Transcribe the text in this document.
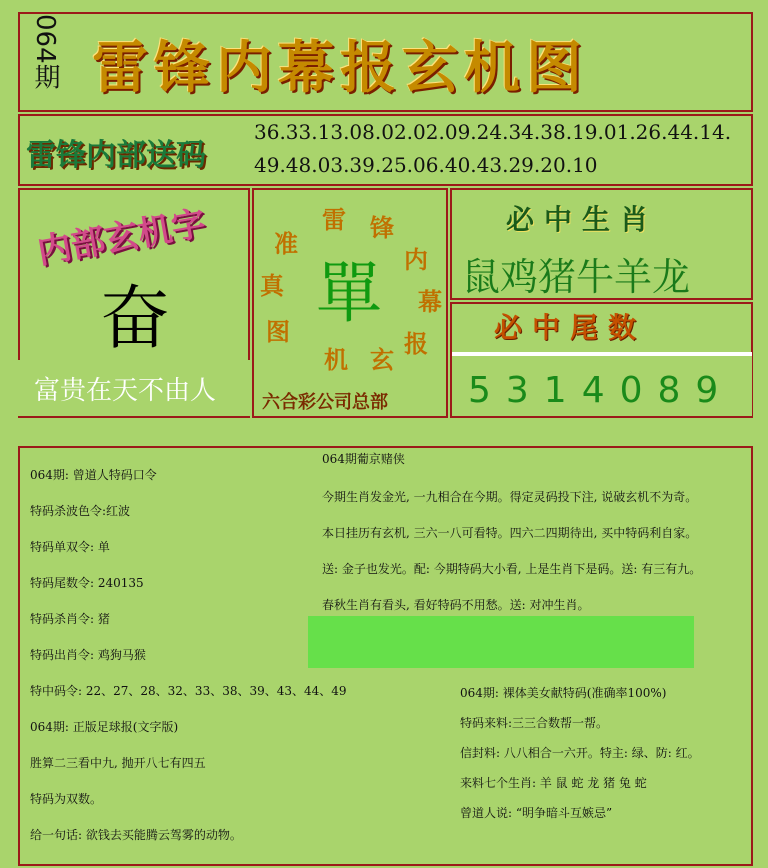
064期 雷锋内幕报玄机图
雷锋内部送码
36.33.13.08.02.02.09.24.34.38.19.01.26.44.14.
49.48.03.39.25.06.40.43.29.20.10
内部玄机字
奋
富贵在天不由人
雷 锋
内
幕
报
玄
机
图
真
准
單
六合彩公司总部
必中生肖
鼠鸡猪牛羊龙
必中尾数
5314089
064期: 曾道人特码口令
特码杀波色令:红波
特码单双令: 单
特码尾数令: 240135
特码杀肖令: 猪
特码出肖令: 鸡狗马猴
特中码令: 22、27、28、32、33、38、39、43、44、49
064期: 正版足球报(文字版)
胜算二三看中九, 抛开八七有四五
特码为双数。
给一句话: 欲钱去买能腾云驾雾的动物。
064期葡京赌侠
今期生肖发金光, 一九相合在今期。得定灵码投下注, 说破玄机不为奇。
本日挂历有玄机, 三六一八可看特。四六二四期待出, 买中特码利自家。
送: 金子也发光。配: 今期特码大小看, 上是生肖下是码。送: 有三有九。
春秋生肖有看头, 看好特码不用愁。送: 对冲生肖。
064期: 裸体美女献特码(准确率100%)
特码来料:三三合数帮一帮。
信封料: 八八相合一六开。特主: 绿、防: 红。
来料七个生肖: 羊 鼠 蛇 龙 猪 兔 蛇
曾道人说: “明争暗斗互嫉忌”
